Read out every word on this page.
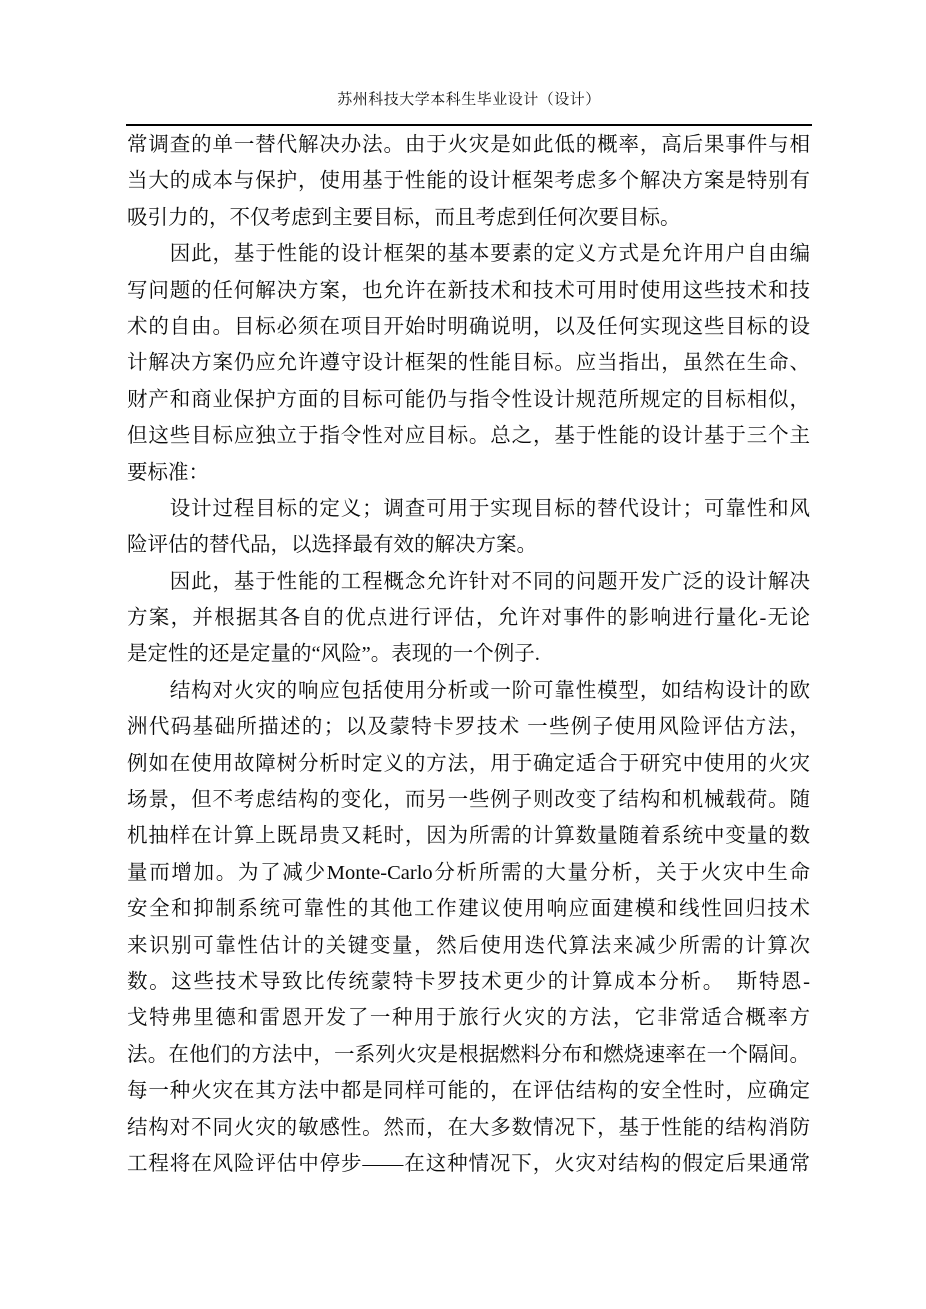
苏州科技大学本科生毕业设计（设计）
常调查的单一替代解决办法。由于火灾是如此低的概率，高后果事件与相
当大的成本与保护，使用基于性能的设计框架考虑多个解决方案是特别有
吸引力的，不仅考虑到主要目标，而且考虑到任何次要目标。
　　因此，基于性能的设计框架的基本要素的定义方式是允许用户自由编
写问题的任何解决方案，也允许在新技术和技术可用时使用这些技术和技
术的自由。目标必须在项目开始时明确说明，以及任何实现这些目标的设
计解决方案仍应允许遵守设计框架的性能目标。应当指出，虽然在生命、
财产和商业保护方面的目标可能仍与指令性设计规范所规定的目标相似，
但这些目标应独立于指令性对应目标。总之，基于性能的设计基于三个主
要标准：
　　设计过程目标的定义；调查可用于实现目标的替代设计；可靠性和风
险评估的替代品，以选择最有效的解决方案。
　　因此，基于性能的工程概念允许针对不同的问题开发广泛的设计解决
方案，并根据其各自的优点进行评估，允许对事件的影响进行量化-无论
是定性的还是定量的“风险”。表现的一个例子.
　　结构对火灾的响应包括使用分析或一阶可靠性模型，如结构设计的欧
洲代码基础所描述的；以及蒙特卡罗技术 一些例子使用风险评估方法，
例如在使用故障树分析时定义的方法，用于确定适合于研究中使用的火灾
场景，但不考虑结构的变化，而另一些例子则改变了结构和机械载荷。随
机抽样在计算上既昂贵又耗时，因为所需的计算数量随着系统中变量的数
量而增加。为了减少Monte-Carlo分析所需的大量分析，关于火灾中生命
安全和抑制系统可靠性的其他工作建议使用响应面建模和线性回归技术
来识别可靠性估计的关键变量，然后使用迭代算法来减少所需的计算次
数。这些技术导致比传统蒙特卡罗技术更少的计算成本分析。　斯特恩-
戈特弗里德和雷恩开发了一种用于旅行火灾的方法，它非常适合概率方
法。在他们的方法中，一系列火灾是根据燃料分布和燃烧速率在一个隔间。
每一种火灾在其方法中都是同样可能的，在评估结构的安全性时，应确定
结构对不同火灾的敏感性。然而，在大多数情况下，基于性能的结构消防
工程将在风险评估中停步——在这种情况下，火灾对结构的假定后果通常
